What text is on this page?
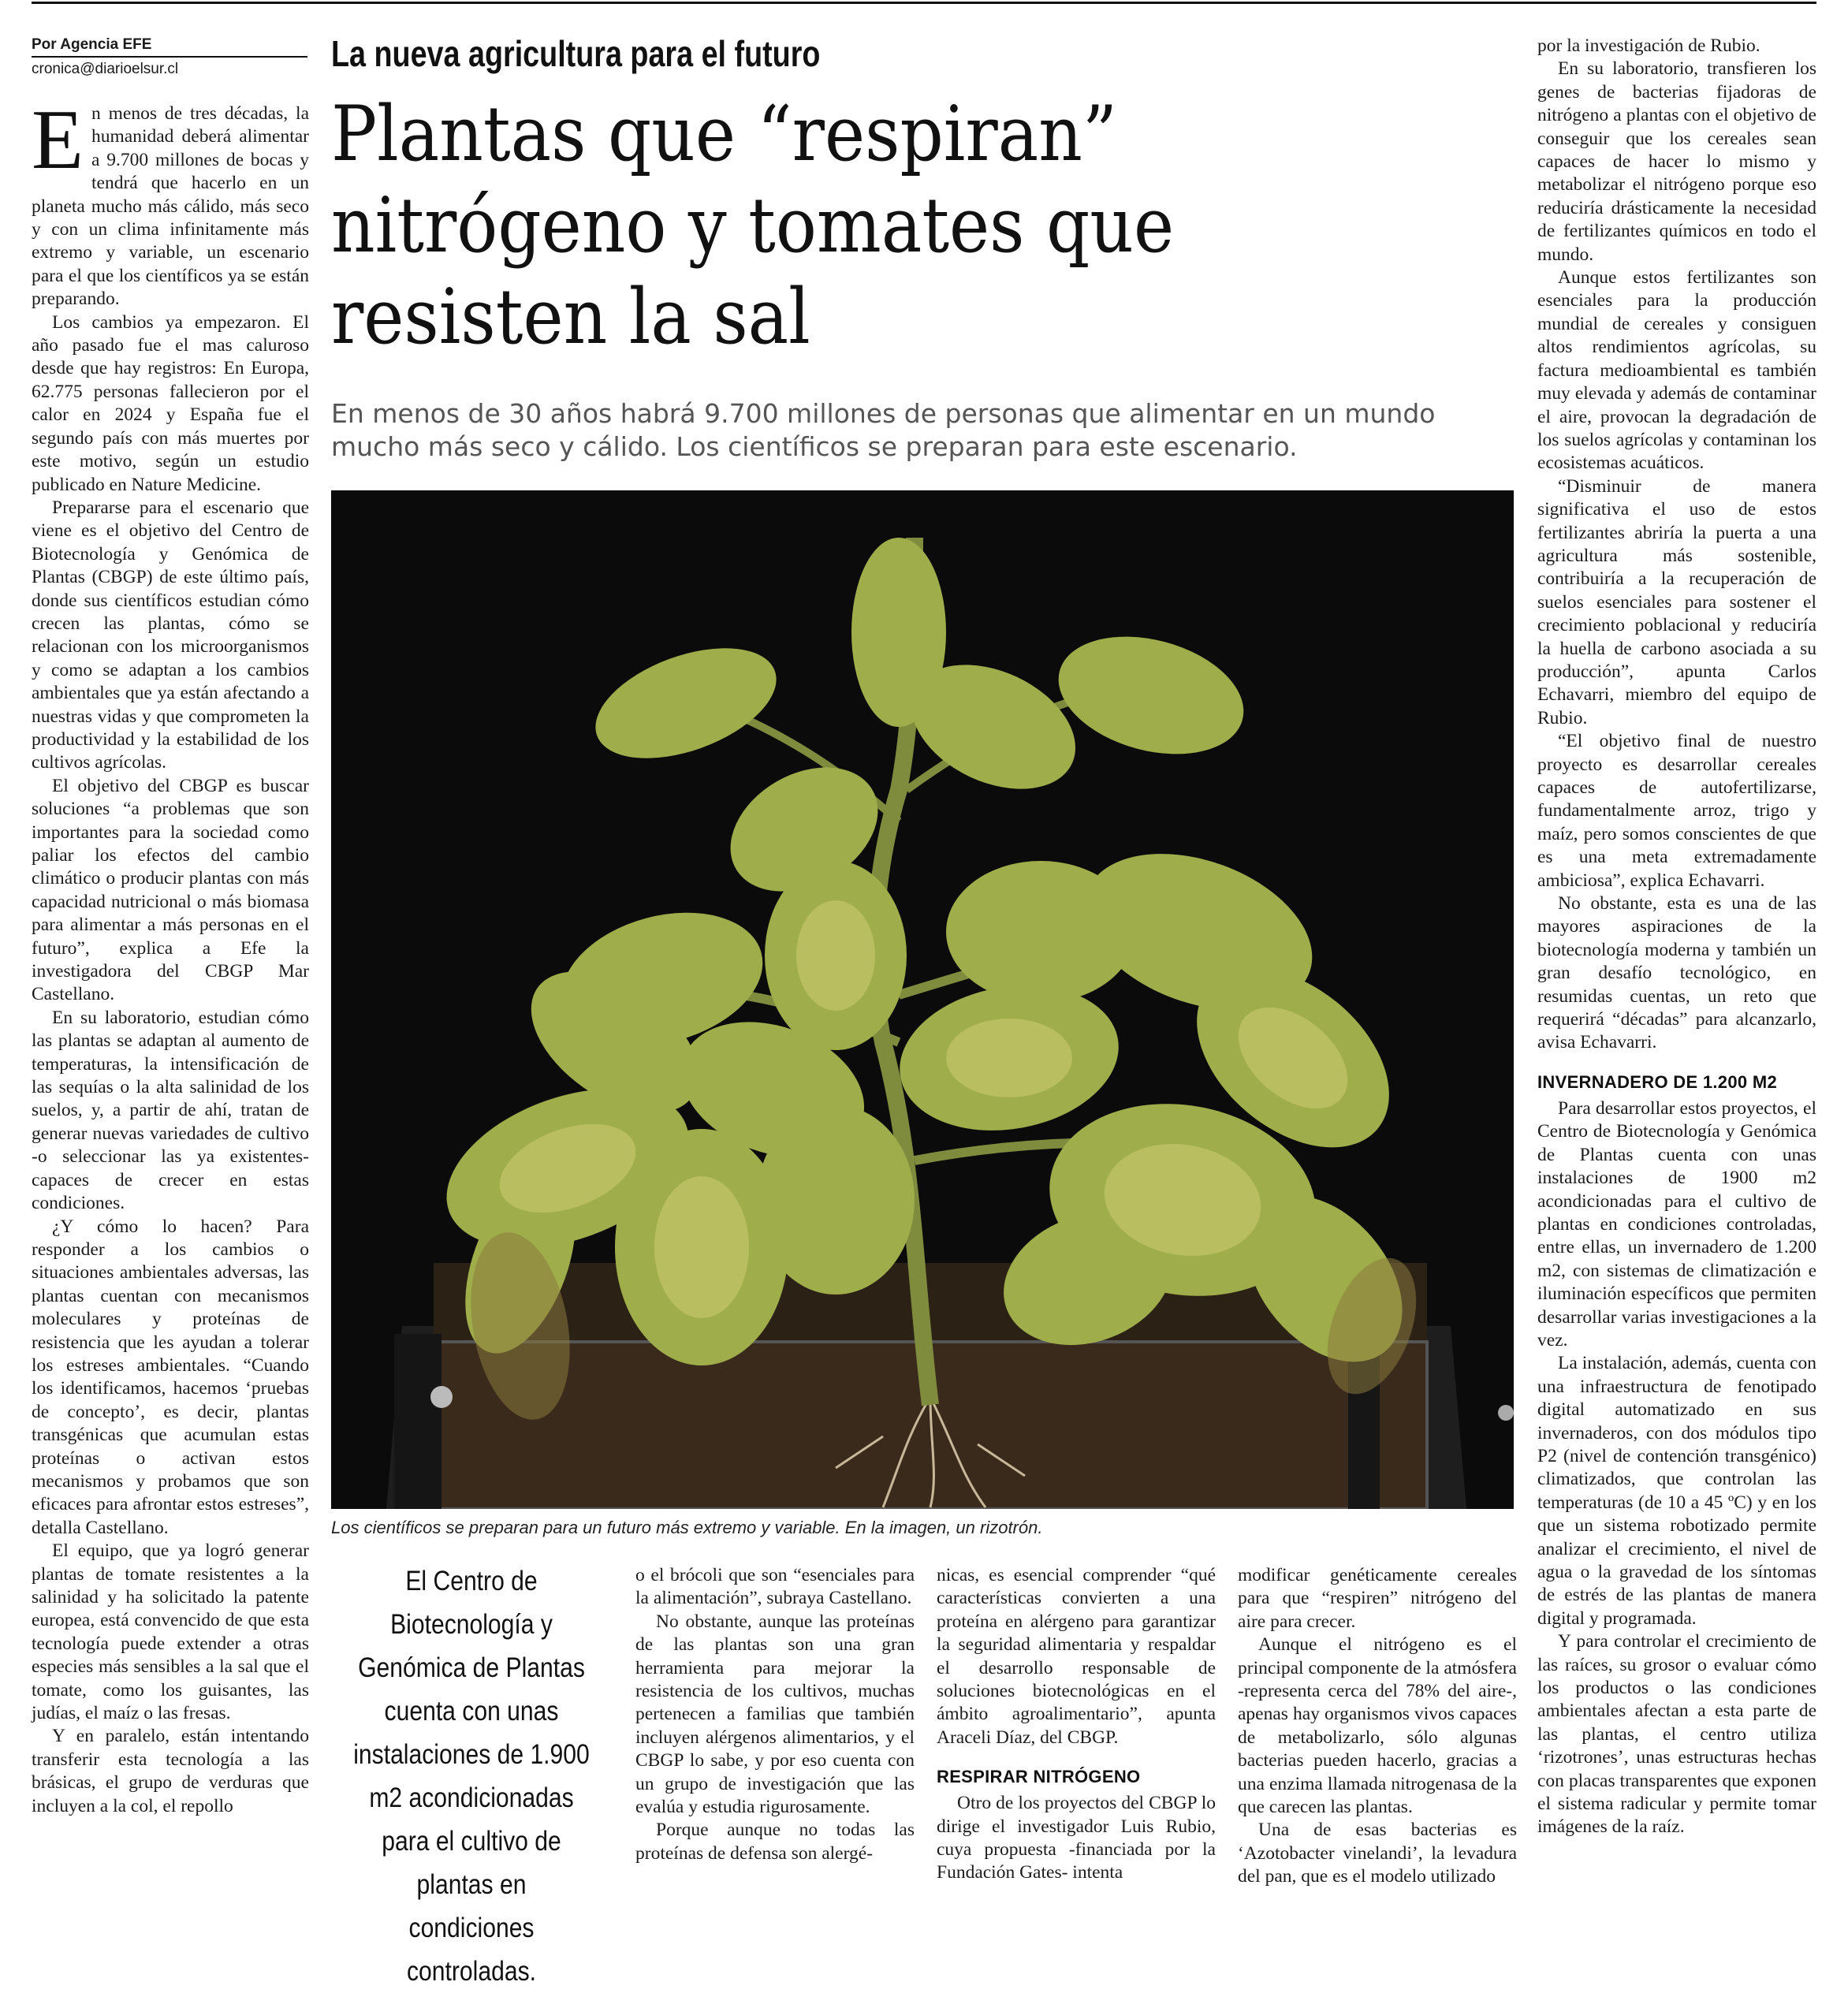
Por Agencia EFE
cronica@diarioelsur.cl

En menos de tres décadas, la humanidad deberá alimentar a 9.700 millones de bocas y tendrá que hacerlo en un planeta mucho más cálido, más seco y con un clima infinitamente más extremo y variable, un escenario para el que los científicos ya se están preparando.

Los cambios ya empezaron. El año pasado fue el mas caluroso desde que hay registros: En Europa, 62.775 personas fallecieron por el calor en 2024 y España fue el segundo país con más muertes por este motivo, según un estudio publicado en Nature Medicine.

Prepararse para el escenario que viene es el objetivo del Centro de Biotecnología y Genómica de Plantas (CBGP) de este último país, donde sus científicos estudian cómo crecen las plantas, cómo se relacionan con los microorganismos y como se adaptan a los cambios ambientales que ya están afectando a nuestras vidas y que comprometen la productividad y la estabilidad de los cultivos agrícolas.

El objetivo del CBGP es buscar soluciones “a problemas que son importantes para la sociedad como paliar los efectos del cambio climático o producir plantas con más capacidad nutricional o más biomasa para alimentar a más personas en el futuro”, explica a Efe la investigadora del CBGP Mar Castellano.

En su laboratorio, estudian cómo las plantas se adaptan al aumento de temperaturas, la intensificación de las sequías o la alta salinidad de los suelos, y, a partir de ahí, tratan de generar nuevas variedades de cultivo -o seleccionar las ya existentes- capaces de crecer en estas condiciones.

¿Y cómo lo hacen? Para responder a los cambios o situaciones ambientales adversas, las plantas cuentan con mecanismos moleculares y proteínas de resistencia que les ayudan a tolerar los estreses ambientales. “Cuando los identificamos, hacemos ‘pruebas de concepto’, es decir, plantas transgénicas que acumulan estas proteínas o activan estos mecanismos y probamos que son eficaces para afrontar estos estreses”, detalla Castellano.

El equipo, que ya logró generar plantas de tomate resistentes a la salinidad y ha solicitado la patente europea, está convencido de que esta tecnología puede extender a otras especies más sensibles a la sal que el tomate, como los guisantes, las judías, el maíz o las fresas.

Y en paralelo, están intentando transferir esta tecnología a las brásicas, el grupo de verduras que incluyen a la col, el repollo

La nueva agricultura para el futuro
Plantas que “respiran” nitrógeno y tomates que resisten la sal
En menos de 30 años habrá 9.700 millones de personas que alimentar en un mundo mucho más seco y cálido. Los científicos se preparan para este escenario.
Los científicos se preparan para un futuro más extremo y variable. En la imagen, un rizotrón.
El Centro de Biotecnología y Genómica de Plantas cuenta con unas instalaciones de 1.900 m2 acondicionadas para el cultivo de plantas en condiciones controladas.

o el brócoli que son “esenciales para la alimentación”, subraya Castellano.

No obstante, aunque las proteínas de las plantas son una gran herramienta para mejorar la resistencia de los cultivos, muchas pertenecen a familias que también incluyen alérgenos alimentarios, y el CBGP lo sabe, y por eso cuenta con un grupo de investigación que las evalúa y estudia rigurosamente.

Porque aunque no todas las proteínas de defensa son alergé-

nicas, es esencial comprender “qué características convierten a una proteína en alérgeno para garantizar la seguridad alimentaria y respaldar el desarrollo responsable de soluciones biotecnológicas en el ámbito agroalimentario”, apunta Araceli Díaz, del CBGP.

RESPIRAR NITRÓGENO

Otro de los proyectos del CBGP lo dirige el investigador Luis Rubio, cuya propuesta -financiada por la Fundación Gates- intenta

modificar genéticamente cereales para que “respiren” nitrógeno del aire para crecer.

Aunque el nitrógeno es el principal componente de la atmósfera -representa cerca del 78% del aire-, apenas hay organismos vivos capaces de metabolizarlo, sólo algunas bacterias pueden hacerlo, gracias a una enzima llamada nitrogenasa de la que carecen las plantas.

Una de esas bacterias es ‘Azotobacter vinelandi’, la levadura del pan, que es el modelo utilizado

por la investigación de Rubio.

En su laboratorio, transfieren los genes de bacterias fijadoras de nitrógeno a plantas con el objetivo de conseguir que los cereales sean capaces de hacer lo mismo y metabolizar el nitrógeno porque eso reduciría drásticamente la necesidad de fertilizantes químicos en todo el mundo.

Aunque estos fertilizantes son esenciales para la producción mundial de cereales y consiguen altos rendimientos agrícolas, su factura medioambiental es también muy elevada y además de contaminar el aire, provocan la degradación de los suelos agrícolas y contaminan los ecosistemas acuáticos.

“Disminuir de manera significativa el uso de estos fertilizantes abriría la puerta a una agricultura más sostenible, contribuiría a la recuperación de suelos esenciales para sostener el crecimiento poblacional y reduciría la huella de carbono asociada a su producción”, apunta Carlos Echavarri, miembro del equipo de Rubio.

“El objetivo final de nuestro proyecto es desarrollar cereales capaces de autofertilizarse, fundamentalmente arroz, trigo y maíz, pero somos conscientes de que es una meta extremadamente ambiciosa”, explica Echavarri.

No obstante, esta es una de las mayores aspiraciones de la biotecnología moderna y también un gran desafío tecnológico, en resumidas cuentas, un reto que requerirá “décadas” para alcanzarlo, avisa Echavarri.

INVERNADERO DE 1.200 M2

Para desarrollar estos proyectos, el Centro de Biotecnología y Genómica de Plantas cuenta con unas instalaciones de 1900 m2 acondicionadas para el cultivo de plantas en condiciones controladas, entre ellas, un invernadero de 1.200 m2, con sistemas de climatización e iluminación específicos que permiten desarrollar varias investigaciones a la vez.

La instalación, además, cuenta con una infraestructura de fenotipado digital automatizado en sus invernaderos, con dos módulos tipo P2 (nivel de contención transgénico) climatizados, que controlan las temperaturas (de 10 a 45 ºC) y en los que un sistema robotizado permite analizar el crecimiento, el nivel de agua o la gravedad de los síntomas de estrés de las plantas de manera digital y programada.

Y para controlar el crecimiento de las raíces, su grosor o evaluar cómo los productos o las condiciones ambientales afectan a esta parte de las plantas, el centro utiliza ‘rizotrones’, unas estructuras hechas con placas transparentes que exponen el sistema radicular y permite tomar imágenes de la raíz.
